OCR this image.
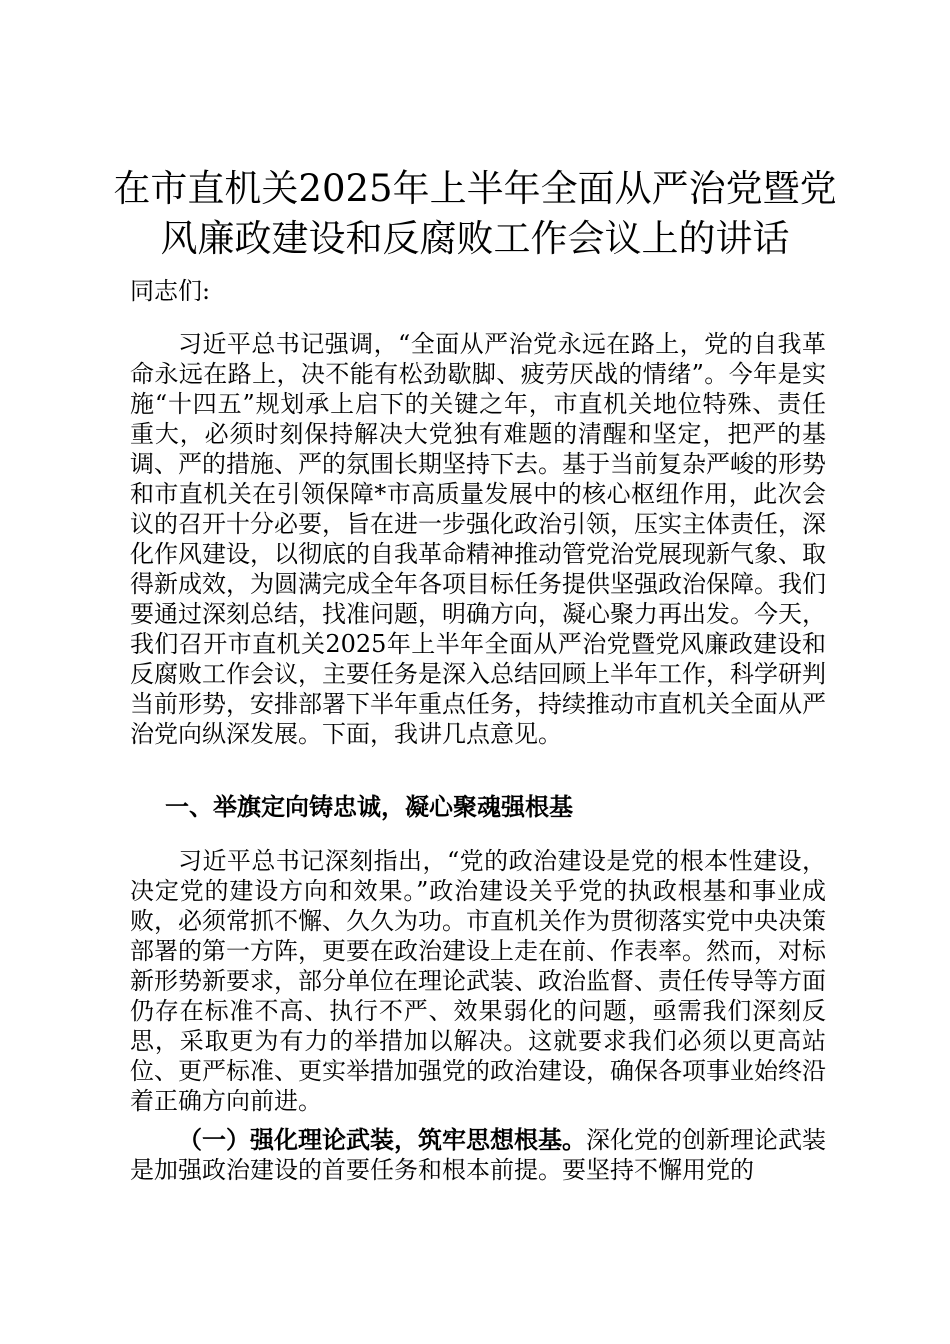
在市直机关2025年上半年全面从严治党暨党
风廉政建设和反腐败工作会议上的讲话
同志们:

习近平总书记强调，“全面从严治党永远在路上，党的自我革命永远在路上，决不能有松劲歇脚、疲劳厌战的情绪”。今年是实施“十四五”规划承上启下的关键之年，市直机关地位特殊、责任重大，必须时刻保持解决大党独有难题的清醒和坚定，把严的基调、严的措施、严的氛围长期坚持下去。基于当前复杂严峻的形势和市直机关在引领保障*市高质量发展中的核心枢纽作用，此次会议的召开十分必要，旨在进一步强化政治引领，压实主体责任，深化作风建设，以彻底的自我革命精神推动管党治党展现新气象、取得新成效，为圆满完成全年各项目标任务提供坚强政治保障。我们要通过深刻总结，找准问题，明确方向，凝心聚力再出发。今天，我们召开市直机关2025年上半年全面从严治党暨党风廉政建设和反腐败工作会议，主要任务是深入总结回顾上半年工作，科学研判当前形势，安排部署下半年重点任务，持续推动市直机关全面从严治党向纵深发展。下面，我讲几点意见。

一、举旗定向铸忠诚，凝心聚魂强根基

习近平总书记深刻指出，“党的政治建设是党的根本性建设，决定党的建设方向和效果。”政治建设关乎党的执政根基和事业成败，必须常抓不懈、久久为功。市直机关作为贯彻落实党中央决策部署的第一方阵，更要在政治建设上走在前、作表率。然而，对标新形势新要求，部分单位在理论武装、政治监督、责任传导等方面仍存在标准不高、执行不严、效果弱化的问题，亟需我们深刻反思，采取更为有力的举措加以解决。这就要求我们必须以更高站位、更严标准、更实举措加强党的政治建设，确保各项事业始终沿着正确方向前进。

（一）强化理论武装，筑牢思想根基。深化党的创新理论武装是加强政治建设的首要任务和根本前提。要坚持不懈用党的
